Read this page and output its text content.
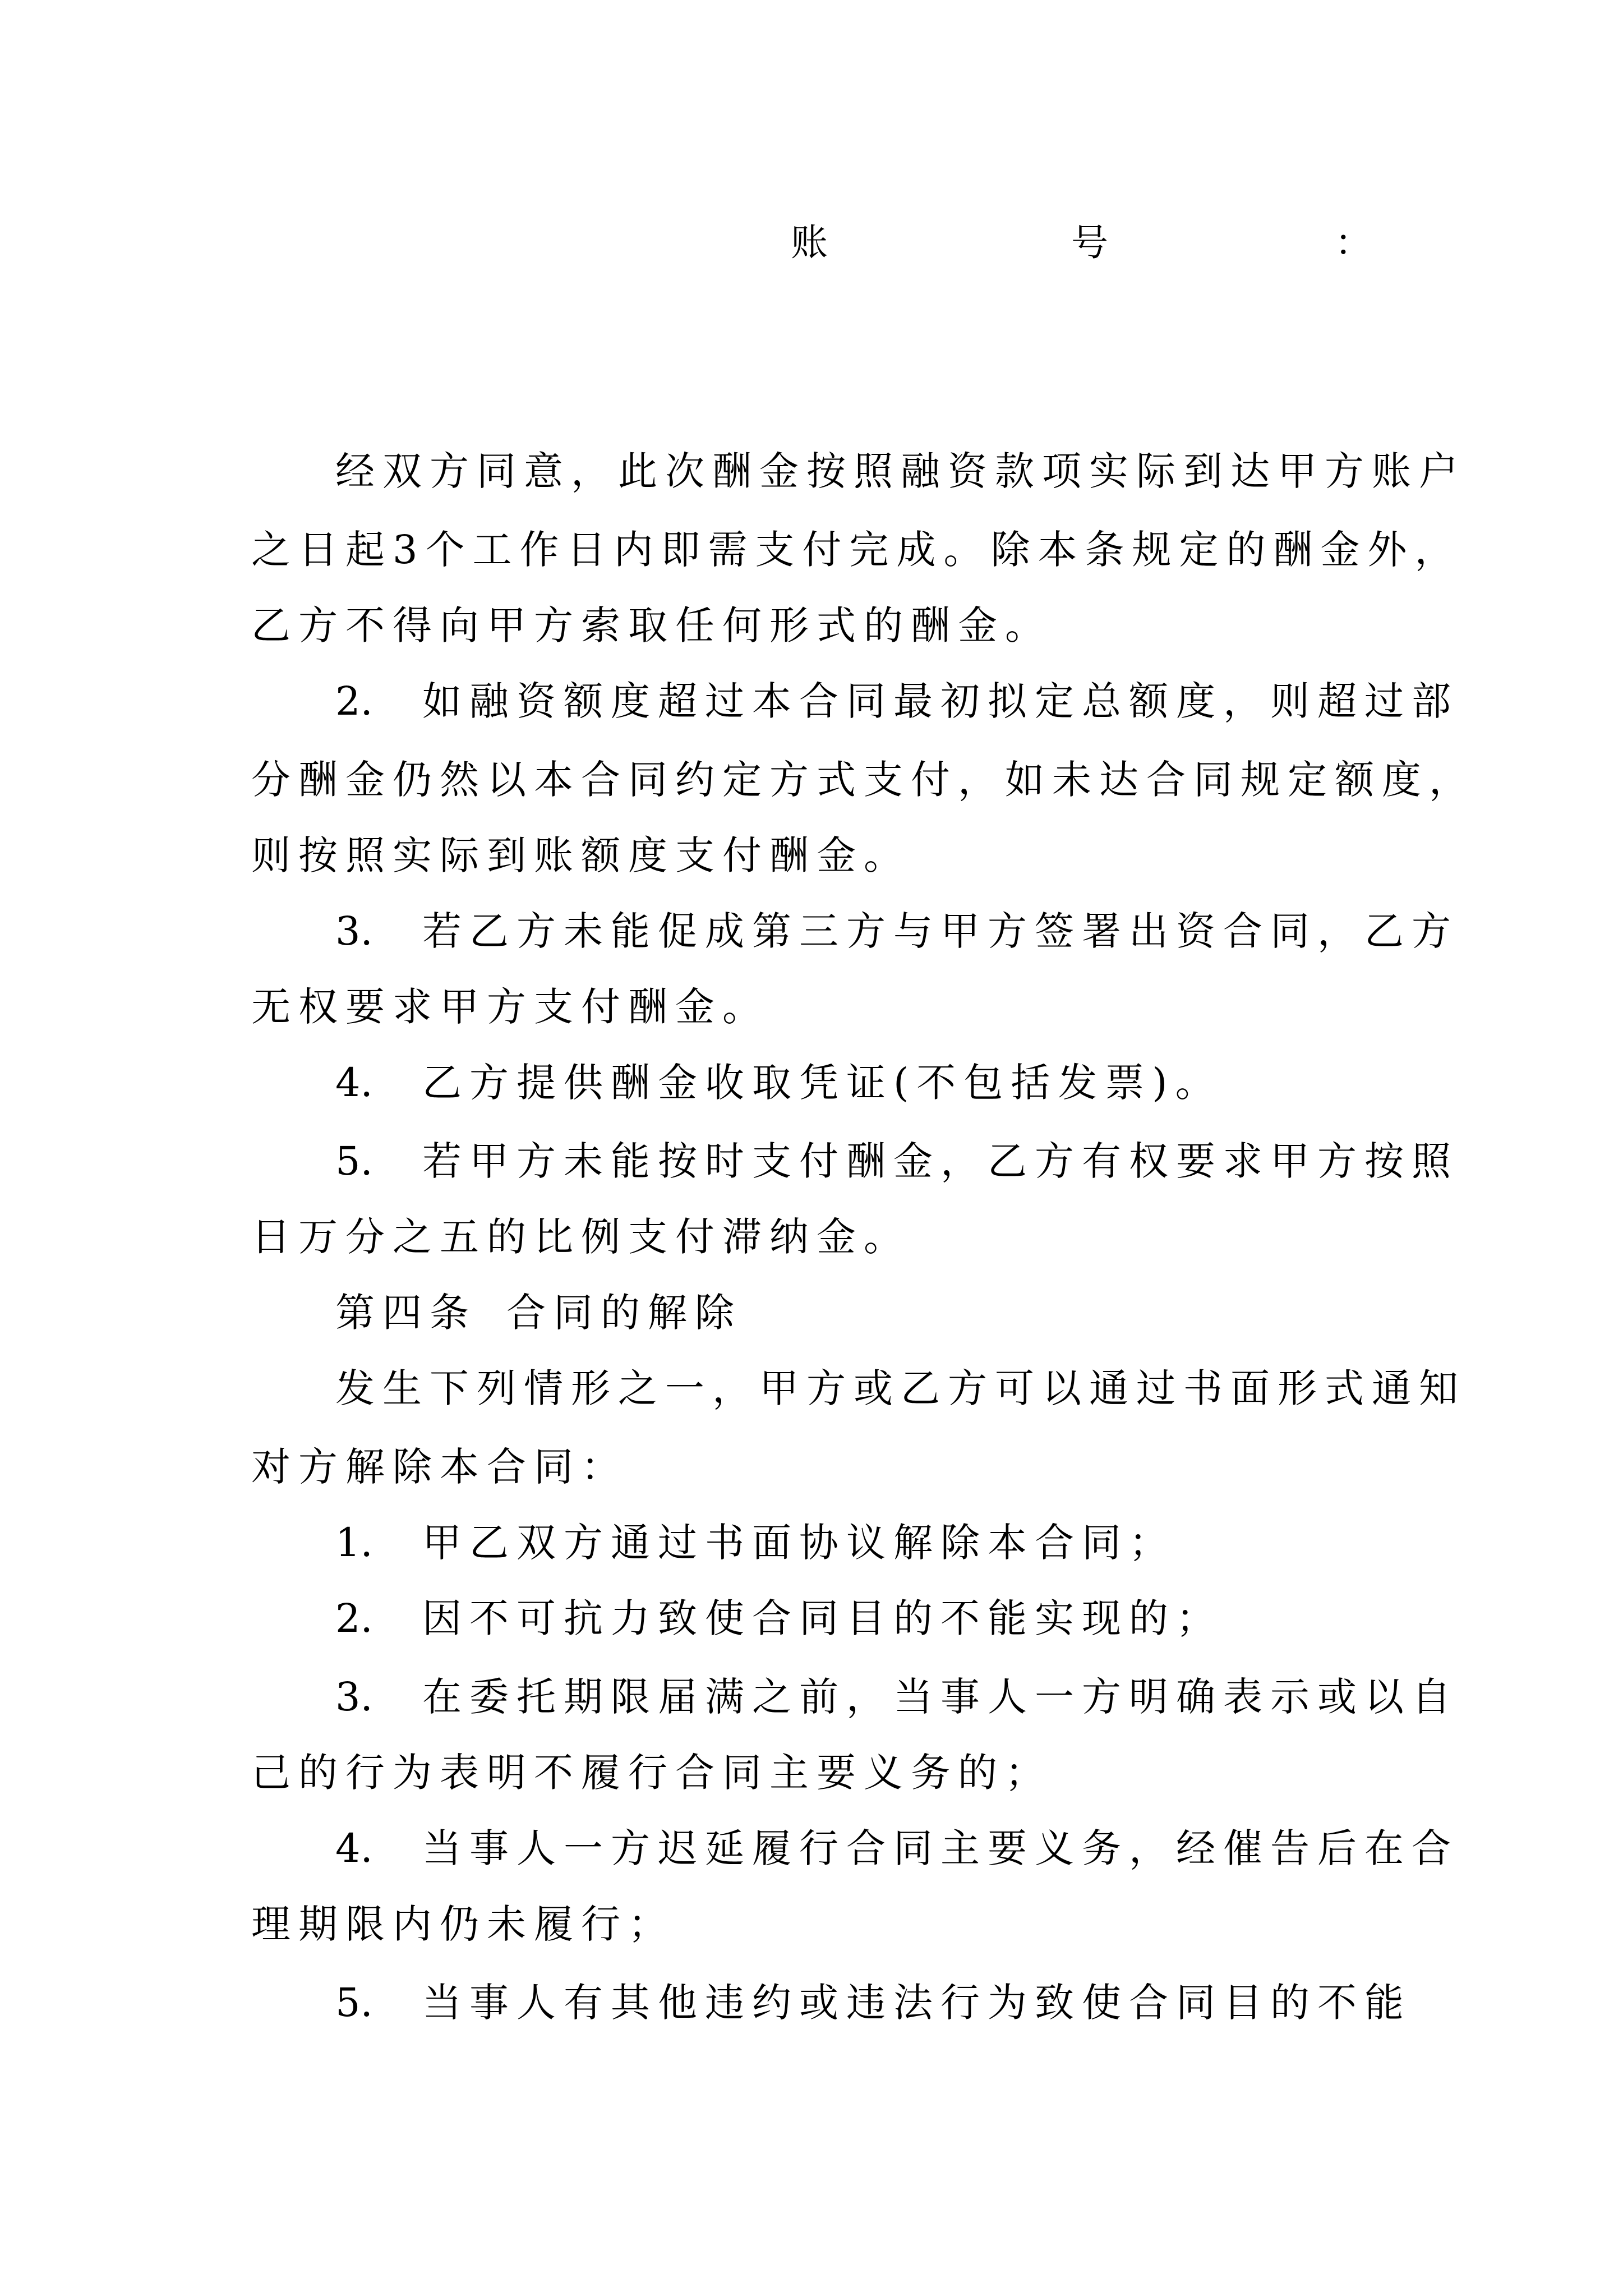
账	号	：
经双方同意，此次酬金按照融资款项实际到达甲方账户
之日起3个工作日内即需支付完成。除本条规定的酬金外，
乙方不得向甲方索取任何形式的酬金。
2. 如融资额度超过本合同最初拟定总额度，则超过部
分酬金仍然以本合同约定方式支付，如未达合同规定额度，
则按照实际到账额度支付酬金。
3. 若乙方未能促成第三方与甲方签署出资合同，乙方
无权要求甲方支付酬金。
4. 乙方提供酬金收取凭证(不包括发票)。
5. 若甲方未能按时支付酬金，乙方有权要求甲方按照
日万分之五的比例支付滞纳金。
第四条 合同的解除
发生下列情形之一，甲方或乙方可以通过书面形式通知
对方解除本合同：
1. 甲乙双方通过书面协议解除本合同；
2. 因不可抗力致使合同目的不能实现的；
3. 在委托期限届满之前，当事人一方明确表示或以自
己的行为表明不履行合同主要义务的；
4. 当事人一方迟延履行合同主要义务，经催告后在合
理期限内仍未履行；
5. 当事人有其他违约或违法行为致使合同目的不能
